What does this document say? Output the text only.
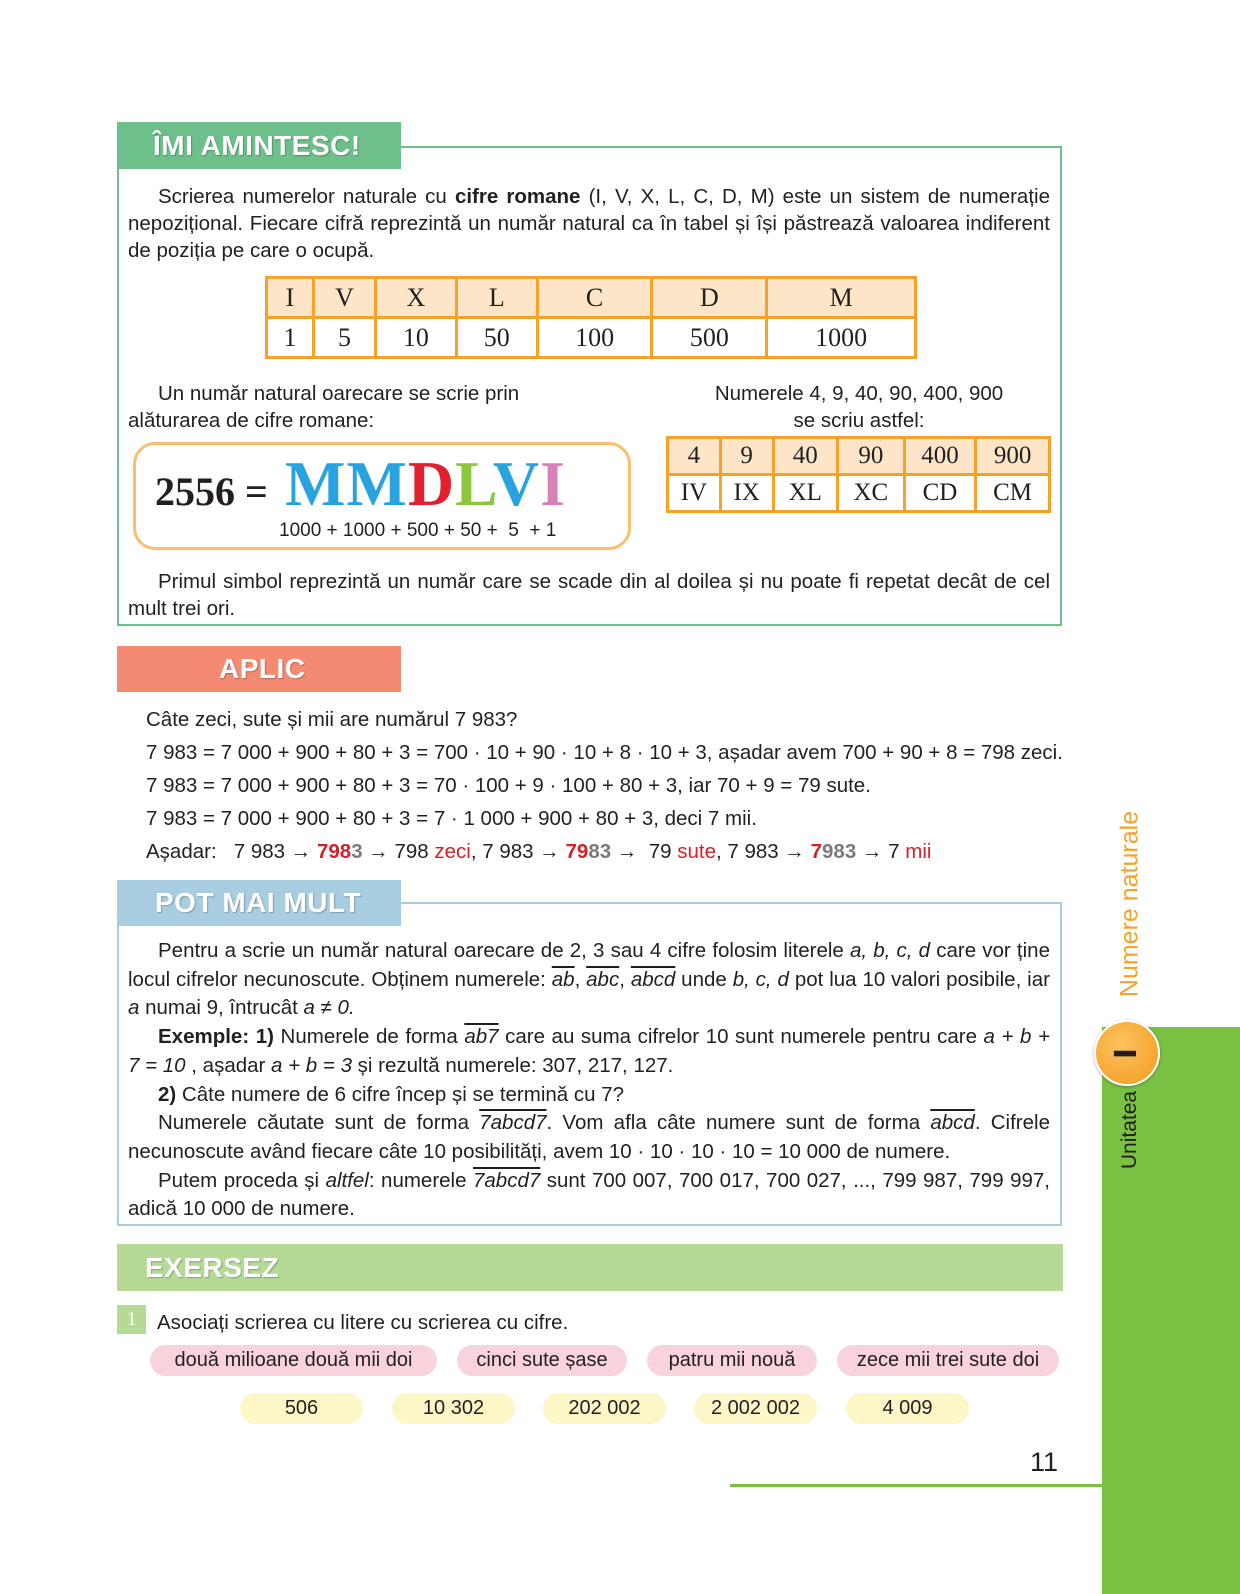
ÎMI AMINTESC!
Scrierea numerelor naturale cu cifre romane (I, V, X, L, C, D, M) este un sistem de numerație nepozițional. Fiecare cifră reprezintă un număr natural ca în tabel și își păstrează valoarea indiferent de poziția pe care o ocupă.
I	V	X	L	C	D	M
1	5	10	50	100	500	1000
Un număr natural oarecare se scrie prin alăturarea de cifre romane:
Numerele 4, 9, 40, 90, 400, 900
se scriu astfel:
2556 = MMDLVI
1000 + 1000 + 500 + 50 +  5  + 1
4	9	40	90	400	900
IV	IX	XL	XC	CD	CM
Primul simbol reprezintă un număr care se scade din al doilea și nu poate fi repetat decât de cel mult trei ori.
APLIC
Câte zeci, sute și mii are numărul 7 983?
7 983 = 7 000 + 900 + 80 + 3 = 700 · 10 + 90 · 10 + 8 · 10 + 3, așadar avem 700 + 90 + 8 = 798 zeci.
7 983 = 7 000 + 900 + 80 + 3 = 70 · 100 + 9 · 100 + 80 + 3, iar 70 + 9 = 79 sute.
7 983 = 7 000 + 900 + 80 + 3 = 7 · 1 000 + 900 + 80 + 3, deci 7 mii.
Așadar: 7 983 → 7983 → 798 zeci, 7 983 → 7983 → 79 sute, 7 983 → 7983 → 7 mii
POT MAI MULT
Pentru a scrie un număr natural oarecare de 2, 3 sau 4 cifre folosim literele a, b, c, d care vor ține locul cifrelor necunoscute. Obținem numerele: $\overline{ab}$, $\overline{abc}$, abcd unde b, c, d pot lua 10 valori posibile, iar a numai 9, întrucât a ≠ 0.
Exemple: 1) Numerele de forma ab7 care au suma cifrelor 10 sunt numerele pentru care a + b + 7 = 10 , așadar a + b = 3 și rezultă numerele: 307, 217, 127.
2) Câte numere de 6 cifre încep și se termină cu 7?
Numerele căutate sunt de forma 7abcd7. Vom afla câte numere sunt de forma abcd. Cifrele necunoscute având fiecare câte 10 posibilități, avem 10 · 10 · 10 · 10 = 10 000 de numere.
Putem proceda și altfel: numerele 7abcd7 sunt 700 007, 700 017, 700 027, ..., 799 987, 799 997, adică 10 000 de numere.
EXERSEZ
1	Asociați scrierea cu litere cu scrierea cu cifre.
două milioane două mii doi	cinci sute șase	patru mii nouă	zece mii trei sute doi
506	10 302	202 002	2 002 002	4 009
11
Unitatea
Numere naturale
I
